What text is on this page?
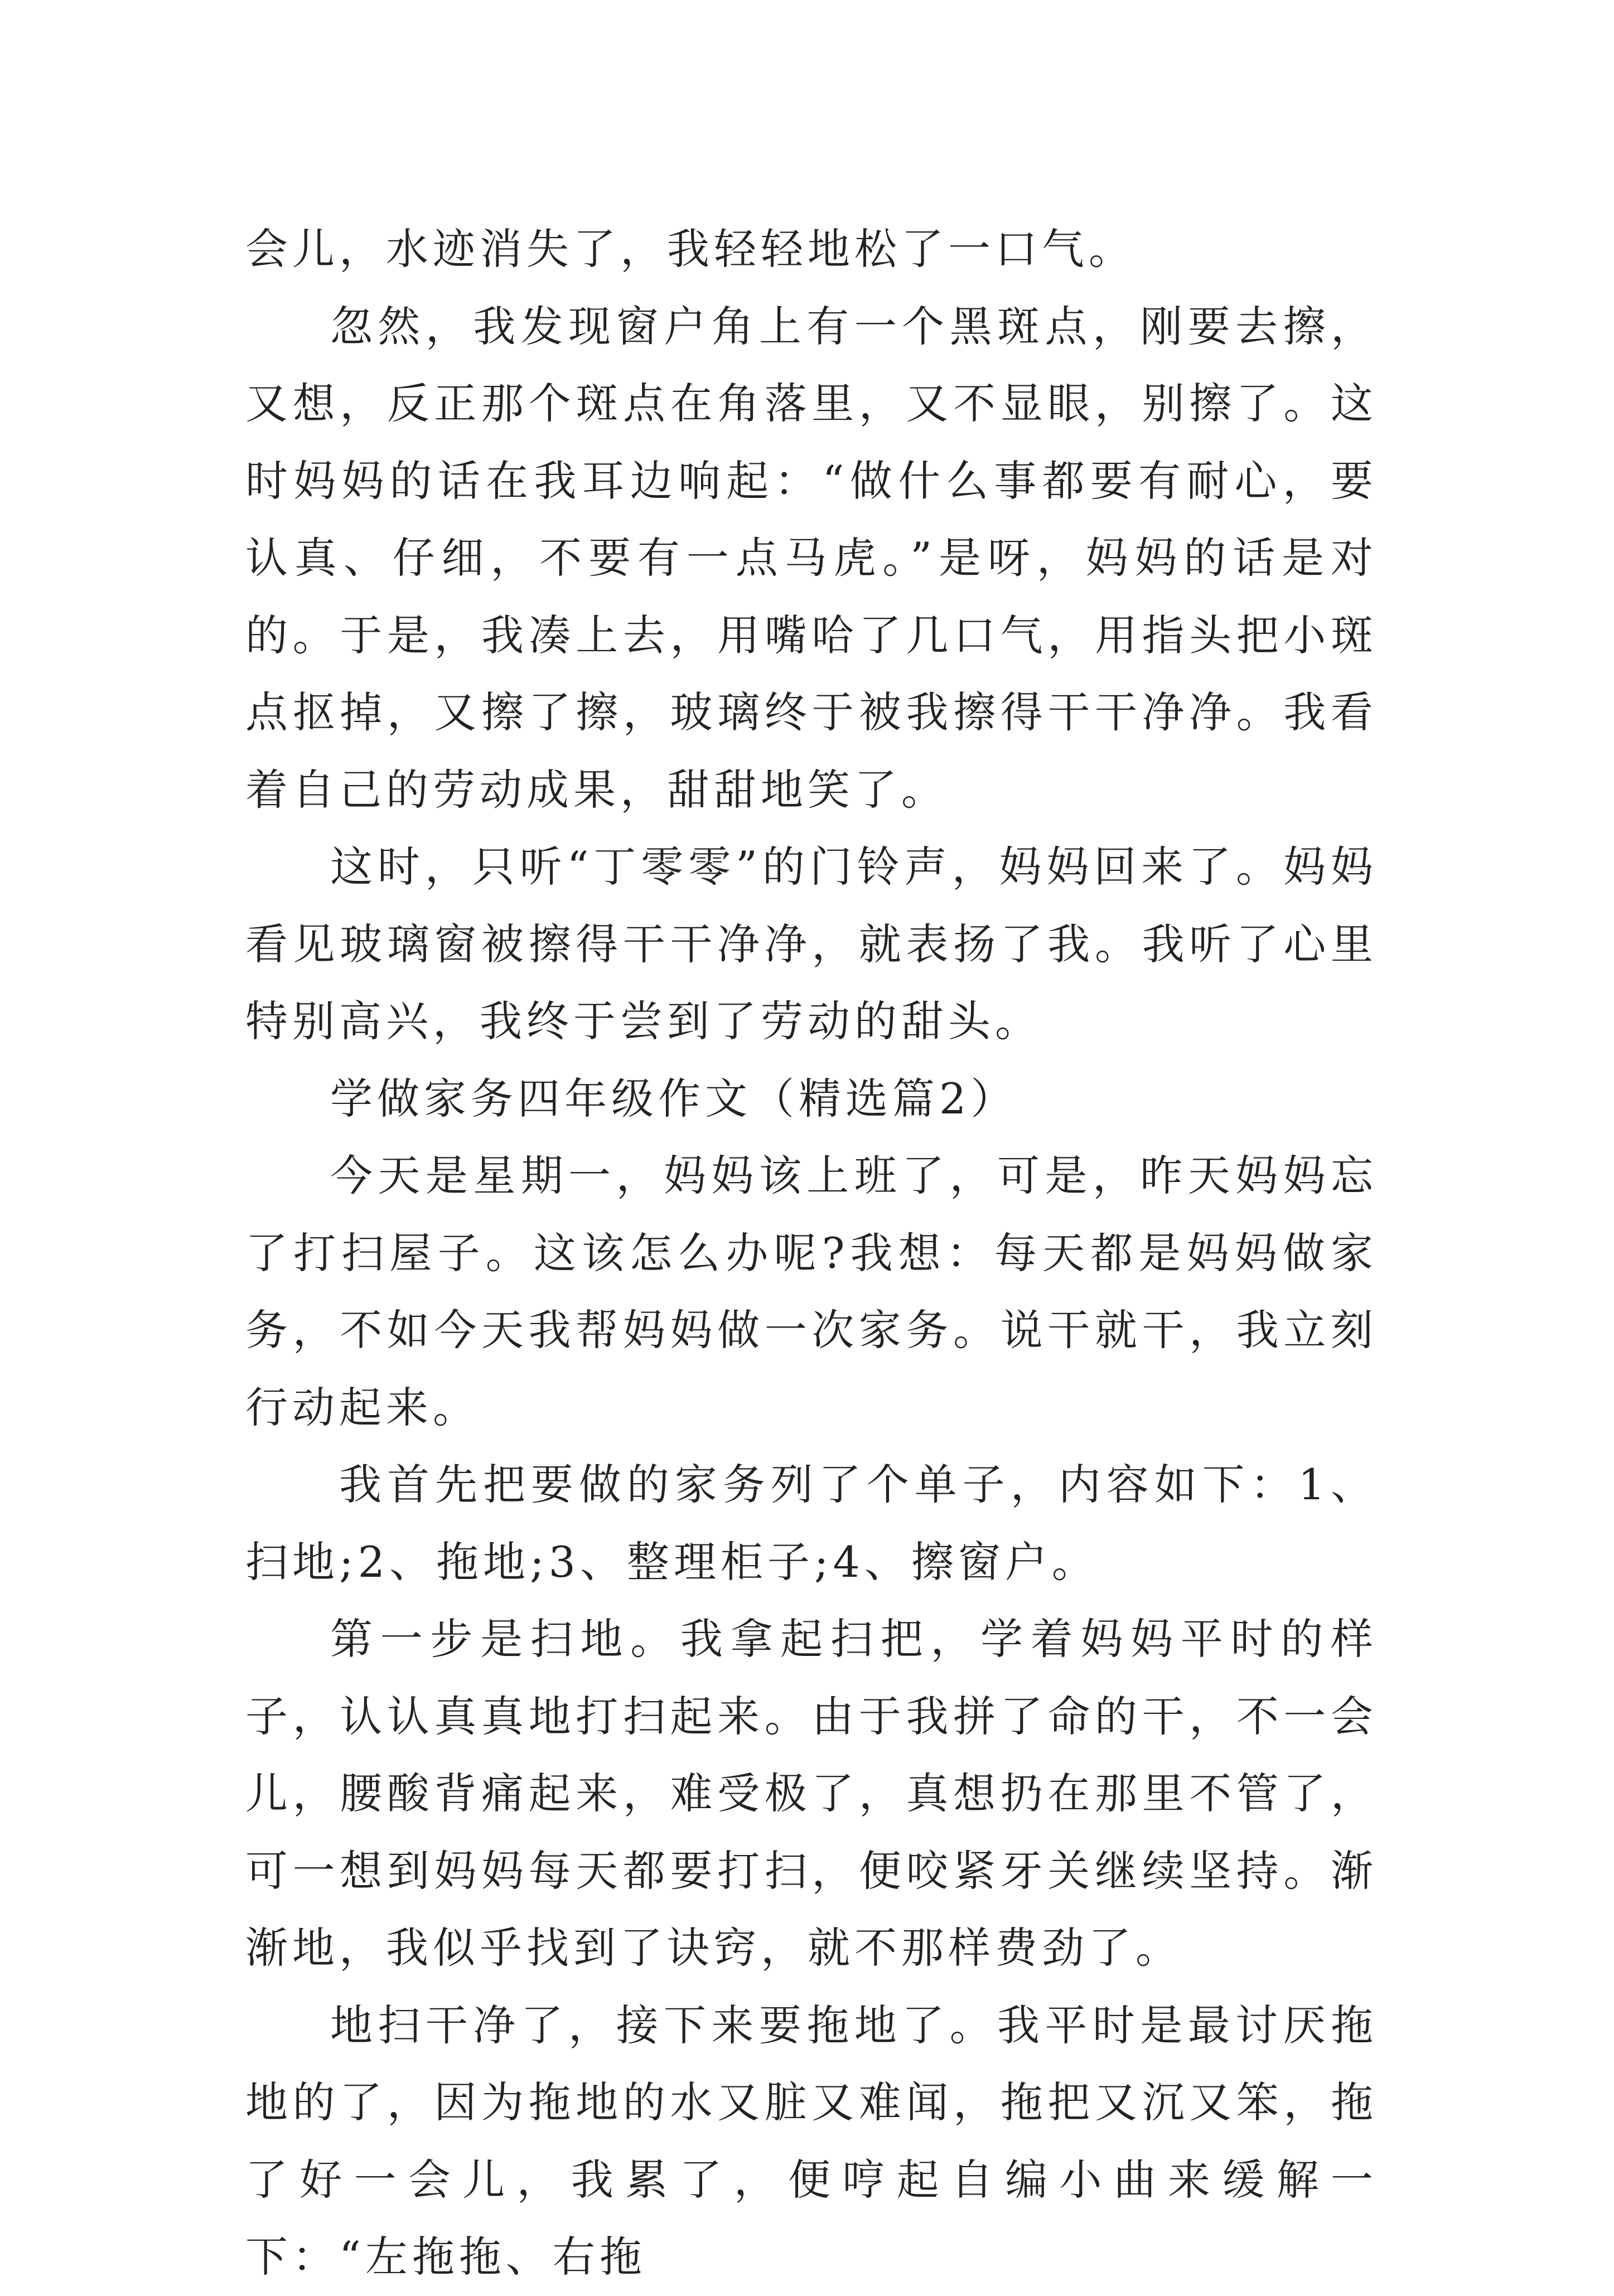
会儿，水迹消失了，我轻轻地松了一口气。

忽然，我发现窗户角上有一个黑斑点，刚要去擦，又想，反正那个斑点在角落里，又不显眼，别擦了。这时妈妈的话在我耳边响起：“做什么事都要有耐心，要认真、仔细，不要有一点马虎。”是呀，妈妈的话是对的。于是，我凑上去，用嘴哈了几口气，用指头把小斑点抠掉，又擦了擦，玻璃终于被我擦得干干净净。我看着自己的劳动成果，甜甜地笑了。

这时，只听“丁零零”的门铃声，妈妈回来了。妈妈看见玻璃窗被擦得干干净净，就表扬了我。我听了心里特别高兴，我终于尝到了劳动的甜头。

学做家务四年级作文（精选篇2）

今天是星期一，妈妈该上班了，可是，昨天妈妈忘了打扫屋子。这该怎么办呢?我想：每天都是妈妈做家务，不如今天我帮妈妈做一次家务。说干就干，我立刻行动起来。

我首先把要做的家务列了个单子，内容如下：1、扫地;2、拖地;3、整理柜子;4、擦窗户。

第一步是扫地。我拿起扫把，学着妈妈平时的样子，认认真真地打扫起来。由于我拼了命的干，不一会儿，腰酸背痛起来，难受极了，真想扔在那里不管了，可一想到妈妈每天都要打扫，便咬紧牙关继续坚持。渐渐地，我似乎找到了诀窍，就不那样费劲了。

地扫干净了，接下来要拖地了。我平时是最讨厌拖地的了，因为拖地的水又脏又难闻，拖把又沉又笨，拖了好一会儿，我累了，便哼起自编小曲来缓解一下：“左拖拖、右拖
